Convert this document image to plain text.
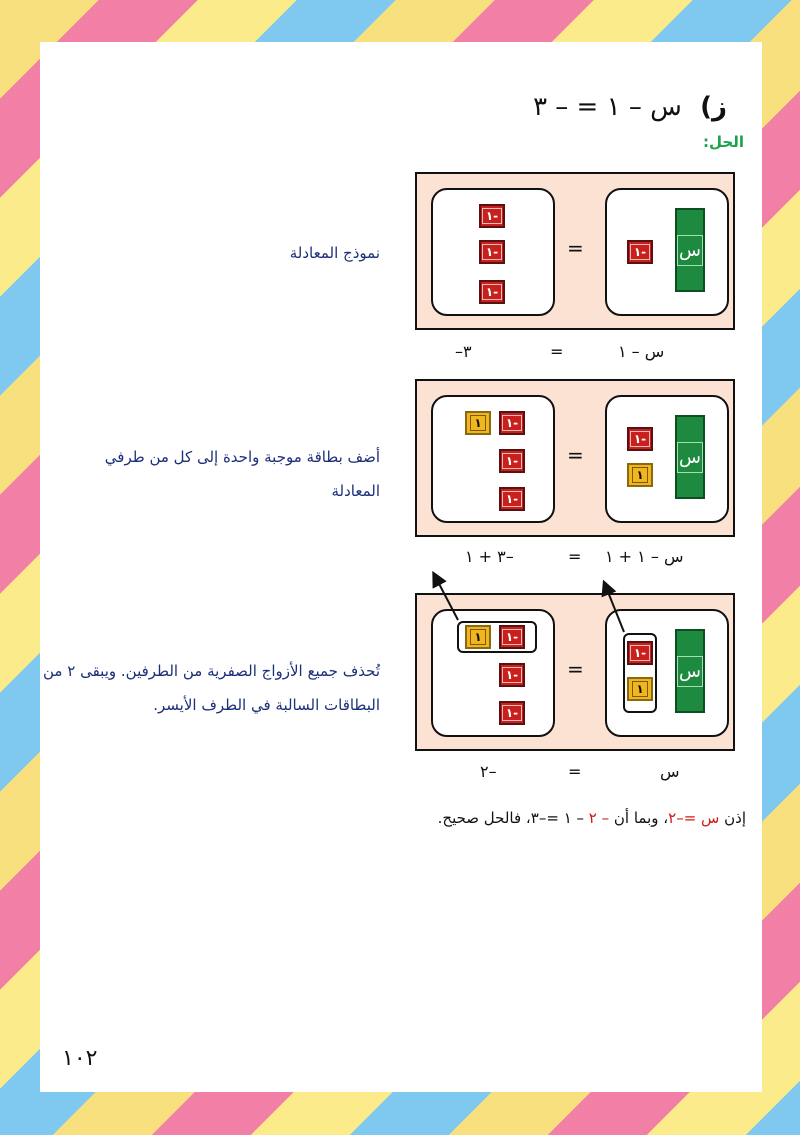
ز) س – ١ = – ٣
الحل:
نموذج المعادلة
١-
١-
١-
=	١- س
–٣	=	س – ١
أضف بطاقة موجبة واحدة إلى كل من طرفي المعادلة
١	١-
١-
١-
=
١-
١
س
–٣ + ١	= س – ١ + ١
تُحذف جميع الأزواج الصفرية من الطرفين. ويبقى ٢ من البطاقات السالبة في الطرف الأيسر.
١	١-
١-
١-
=
١-
١
س
–٢	=	س
إذن س =–٢، وبما أن – ٢ – ١ =–٣، فالحل صحيح.
١٠٢
